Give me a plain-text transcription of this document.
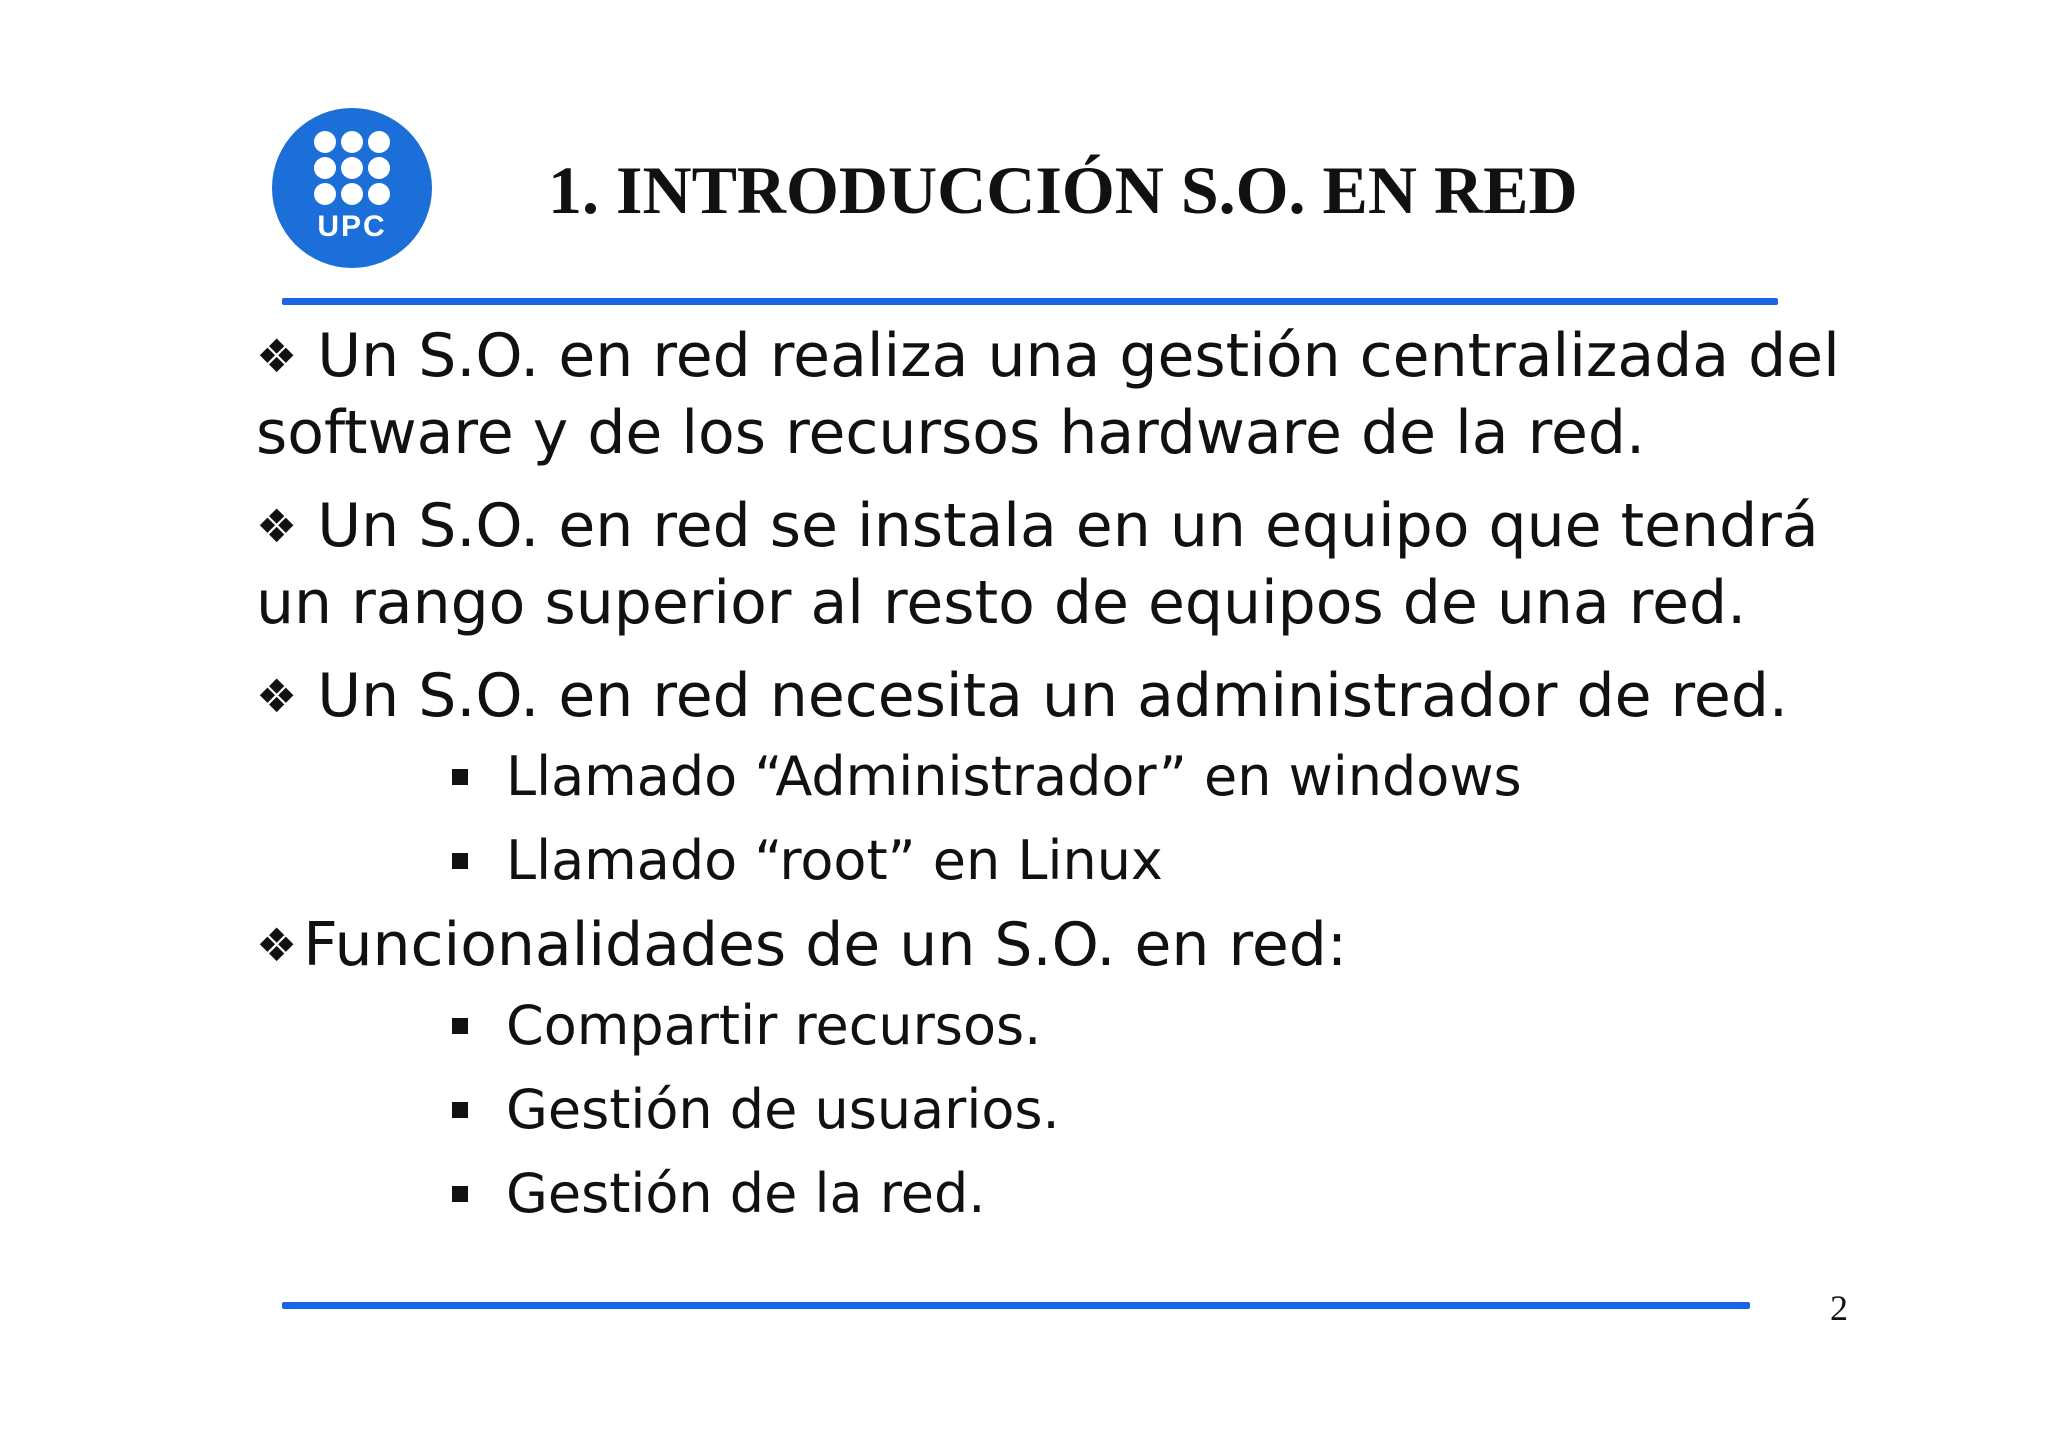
UPC 1. INTRODUCCIÓN S.O. EN RED
❖ Un S.O. en red realiza una gestión centralizada del software y de los recursos hardware de la red.
❖ Un S.O. en red se instala en un equipo que tendrá un rango superior al resto de equipos de una red.
❖ Un S.O. en red necesita un administrador de red.
Llamado “Administrador” en windows
Llamado “root” en Linux
❖ Funcionalidades de un S.O. en red:
Compartir recursos.
Gestión de usuarios.
Gestión de la red.
2
